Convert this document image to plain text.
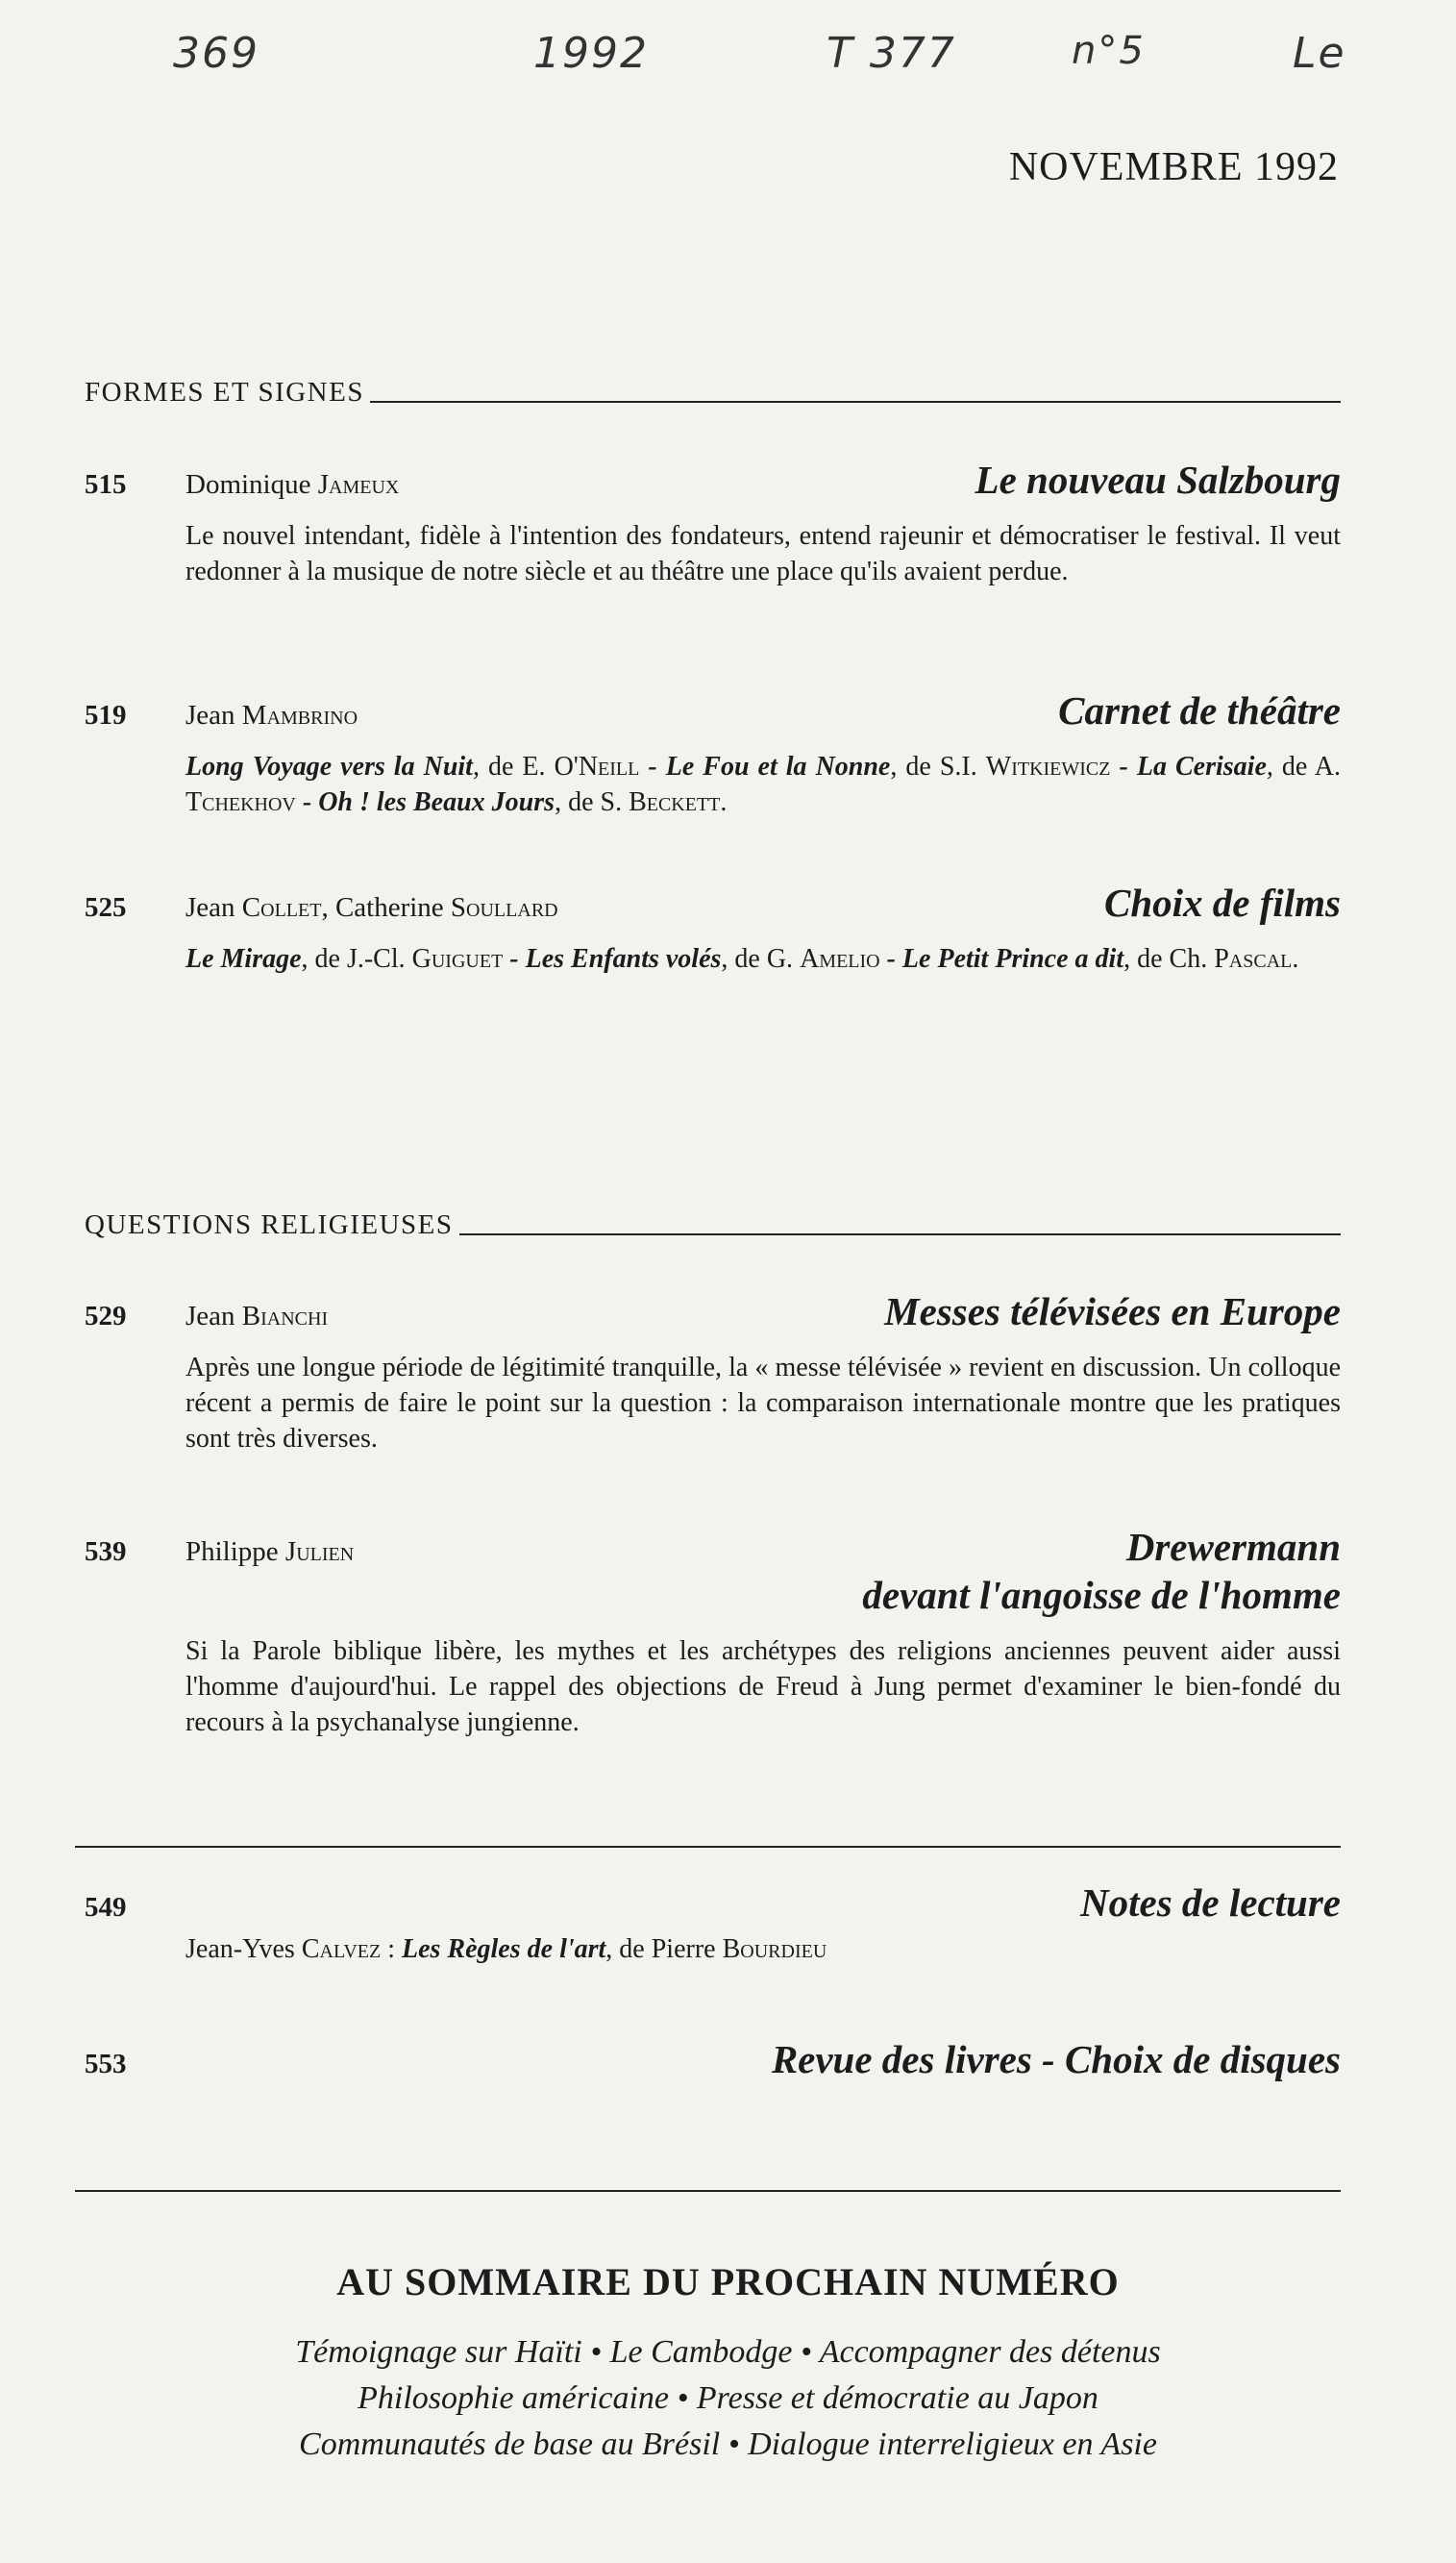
369	1992	T 377	n°5	Le
NOVEMBRE 1992
FORMES ET SIGNES
515	Dominique Jameux	Le nouveau Salzbourg
Le nouvel intendant, fidèle à l'intention des fondateurs, entend rajeunir et démocratiser le festival. Il veut redonner à la musique de notre siècle et au théâtre une place qu'ils avaient perdue.
519	Jean Mambrino	Carnet de théâtre
Long Voyage vers la Nuit, de E. O'Neill - Le Fou et la Nonne, de S.I. Witkiewicz - La Cerisaie, de A. Tchekhov - Oh ! les Beaux Jours, de S. Beckett.
525	Jean Collet, Catherine Soullard	Choix de films
Le Mirage, de J.-Cl. Guiguet - Les Enfants volés, de G. Amelio - Le Petit Prince a dit, de Ch. Pascal.
QUESTIONS RELIGIEUSES
529	Jean Bianchi	Messes télévisées en Europe
Après une longue période de légitimité tranquille, la « messe télévisée » revient en discussion. Un colloque récent a permis de faire le point sur la question : la comparaison internationale montre que les pratiques sont très diverses.
539	Philippe Julien	Drewermann
devant l'angoisse de l'homme
Si la Parole biblique libère, les mythes et les archétypes des religions anciennes peuvent aider aussi l'homme d'aujourd'hui. Le rappel des objections de Freud à Jung permet d'examiner le bien-fondé du recours à la psychanalyse jungienne.
549	Notes de lecture
Jean-Yves Calvez : Les Règles de l'art, de Pierre Bourdieu
553	Revue des livres - Choix de disques
AU SOMMAIRE DU PROCHAIN NUMÉRO
Témoignage sur Haïti • Le Cambodge • Accompagner des détenus
Philosophie américaine • Presse et démocratie au Japon
Communautés de base au Brésil • Dialogue interreligieux en Asie
